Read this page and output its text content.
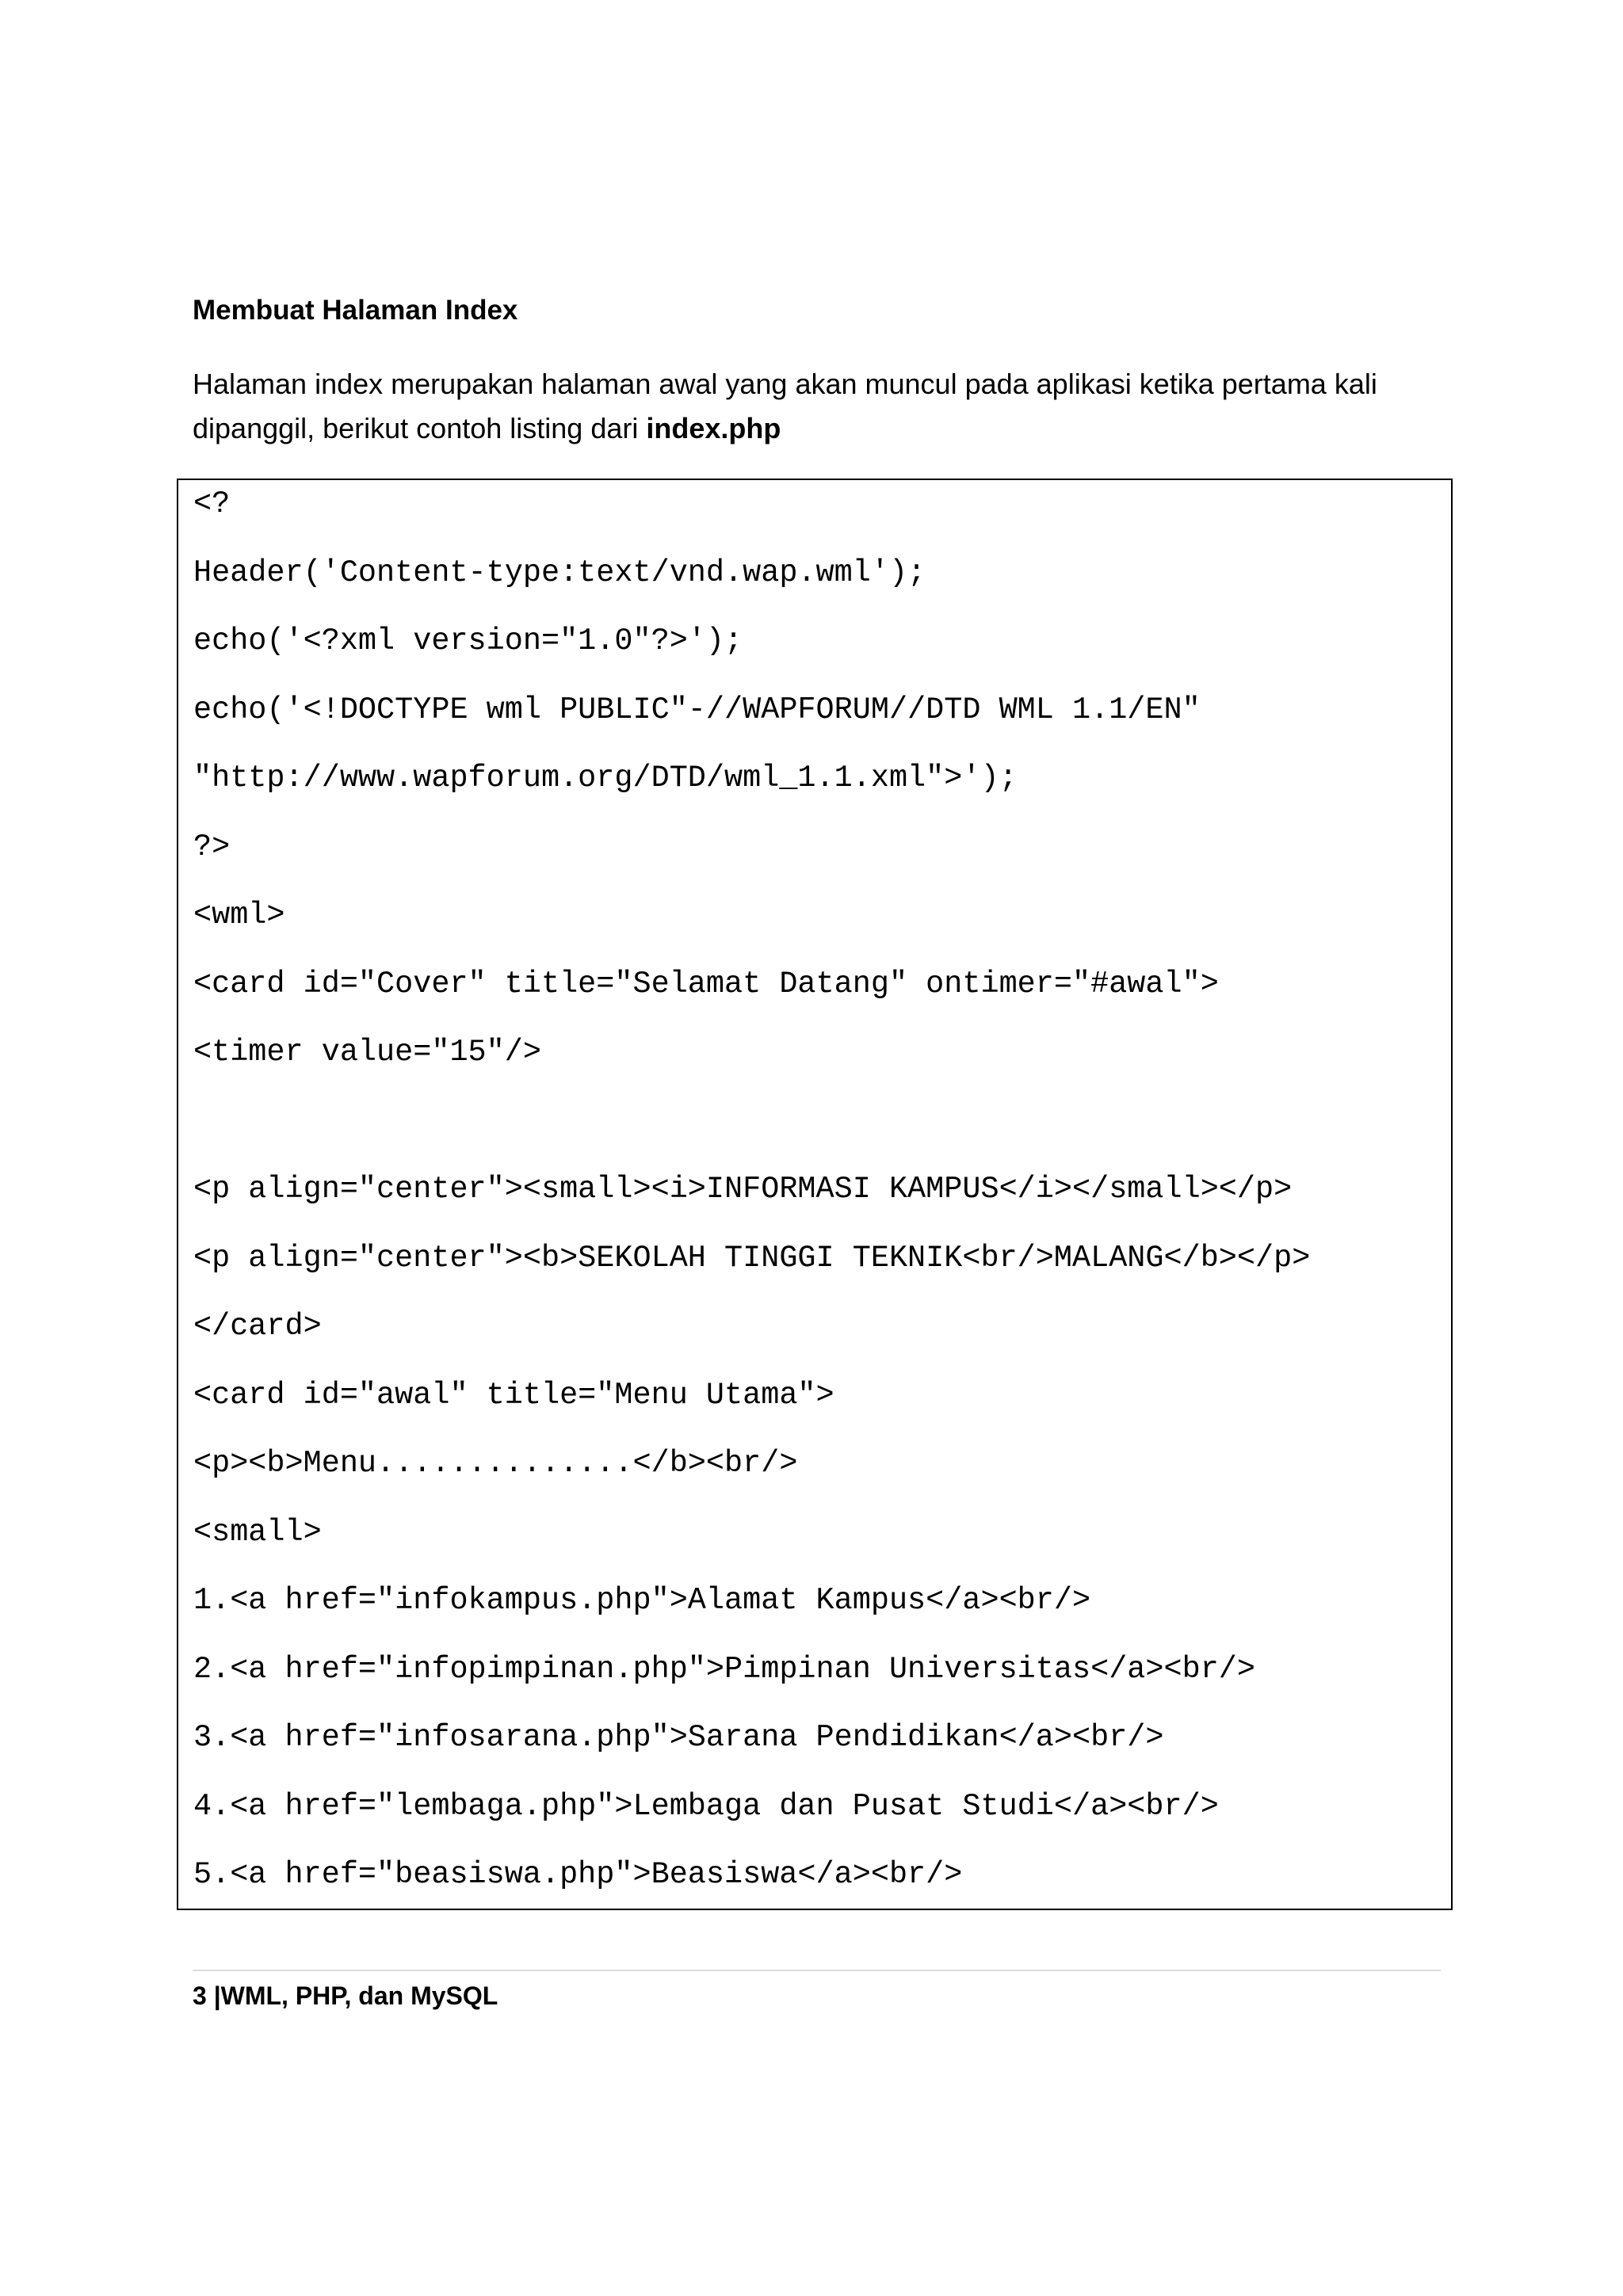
Membuat Halaman Index
Halaman index merupakan halaman awal yang akan muncul pada aplikasi ketika pertama kali
dipanggil, berikut contoh listing dari index.php
<?
Header('Content-type:text/vnd.wap.wml');
echo('<?xml version="1.0"?>');
echo('<!DOCTYPE wml PUBLIC"-//WAPFORUM//DTD WML 1.1/EN"
"http://www.wapforum.org/DTD/wml_1.1.xml">');
?>
<wml>
<card id="Cover" title="Selamat Datang" ontimer="#awal">
<timer value="15"/>
<p align="center"><small><i>INFORMASI KAMPUS</i></small></p>
<p align="center"><b>SEKOLAH TINGGI TEKNIK<br/>MALANG</b></p>
</card>
<card id="awal" title="Menu Utama">
<p><b>Menu..............</b><br/>
<small>
1.<a href="infokampus.php">Alamat Kampus</a><br/>
2.<a href="infopimpinan.php">Pimpinan Universitas</a><br/>
3.<a href="infosarana.php">Sarana Pendidikan</a><br/>
4.<a href="lembaga.php">Lembaga dan Pusat Studi</a><br/>
5.<a href="beasiswa.php">Beasiswa</a><br/>
3 |WML, PHP, dan MySQL
